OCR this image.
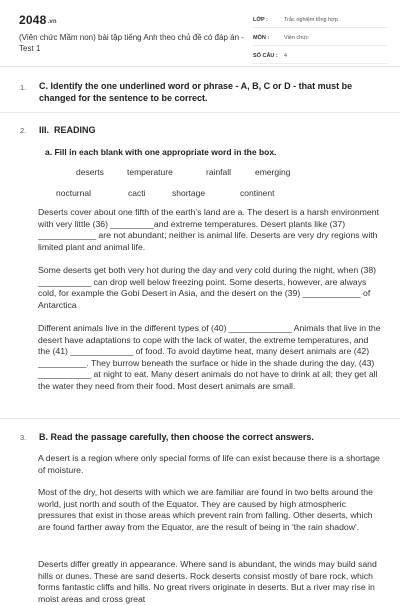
2048.vn
(Viên chức Mầm non) bài tập tiếng Anh theo chủ đề có đáp án - Test 1
LỚP :	Trắc nghiệm tổng hợp
MÔN :	Viên chức
SỐ CÂU :	4
1. C. Identify the one underlined word or phrase - A, B, C or D - that must be changed for the sentence to be correct.
2. III.  READING
a. Fill in each blank with one appropriate word in the box.
deserts	temperature	rainfall	emerging
nocturnal	cacti	shortage	continent

Deserts cover about one fifth of the earth's land are a. The desert is a harsh environment with very little (36) _________and extreme temperatures. Desert plants like (37) ____________ are not abundant; neither is animal life. Deserts are very dry regions with limited plant and animal life.

Some deserts get both very hot during the day and very cold during the night, when (38) ___________ can drop well below freezing point. Some deserts, however, are always cold, for example the Gobi Desert in Asia, and the desert on the (39) ____________ of Antarctica

Different animals live in the different types of (40) _____________ Animals that live in the desert have adaptations to cope with the lack of water, the extreme temperatures, and the (41) _____________ of food. To avoid daytime heat, many desert animals are (42) __________. They burrow beneath the surface or hide in the shade during the day, (43) ___________ at night to eat. Many desert animals do not have to drink at all; they get all the water they need from their food. Most desert animals are small.

3. B. Read the passage carefully, then choose the correct answers.

A desert is a region where only special forms of life can exist because there is a shortage of moisture.

Most of the dry, hot deserts with which we are familiar are found in two belts around the world, just north and south of the Equator. They are caused by high atmospheric pressures that exist in those areas which prevent rain from falling. Other deserts, which are found farther away from the Equator, are the result of being in 'the rain shadow'.

Deserts differ greatly in appearance. Where sand is abundant, the winds may build sand hills or dunes. These are sand deserts. Rock deserts consist mostly of bare rock, which forms fantastic cliffs and hills. No great rivers originate in deserts. But a river may rise in moist areas and cross great
